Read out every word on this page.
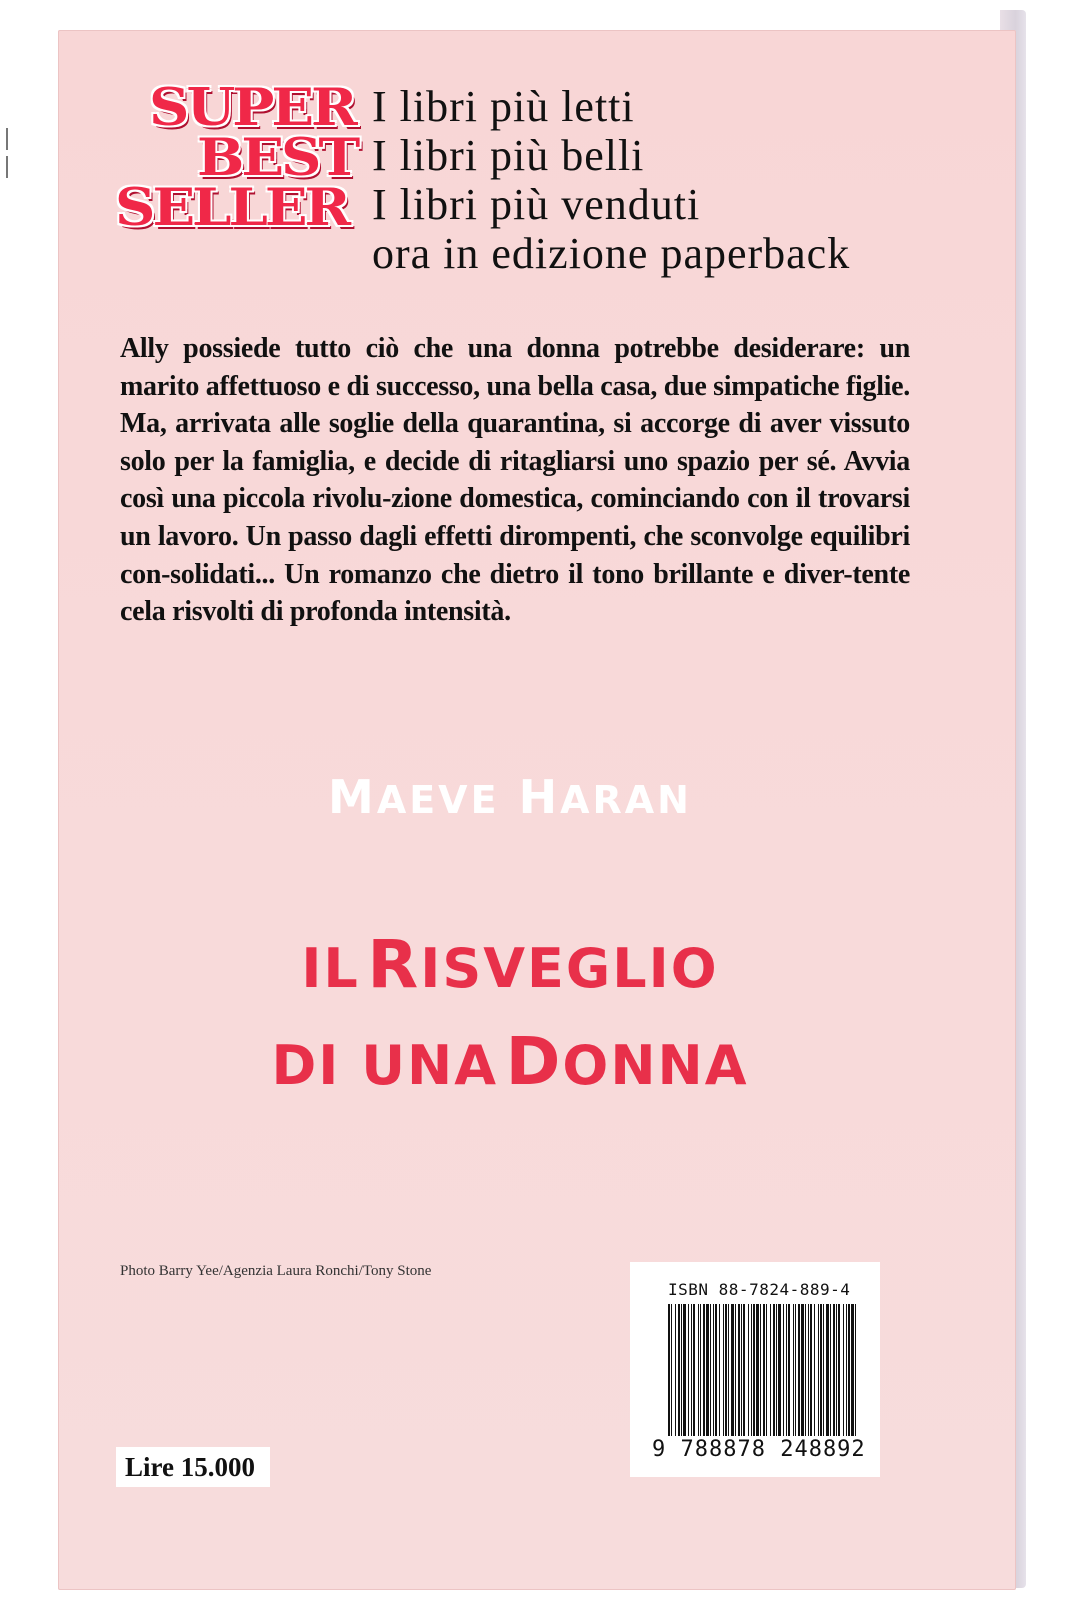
SUPER
BEST
SELLER
I libri più letti
I libri più belli
I libri più venduti
ora in edizione paperback
Ally possiede tutto ciò che una donna potrebbe desiderare: un marito affettuoso e di successo, una bella casa, due simpatiche figlie. Ma, arrivata alle soglie della quarantina, si accorge di aver vissuto solo per la famiglia, e decide di ritagliarsi uno spazio per sé. Avvia così una piccola rivolu-zione domestica, cominciando con il trovarsi un lavoro. Un passo dagli effetti dirompenti, che sconvolge equilibri con-solidati... Un romanzo che dietro il tono brillante e diver-tente cela risvolti di profonda intensità.
MAEVE HARAN
IL RISVEGLIO
DI UNA DONNA
Photo Barry Yee/Agenzia Laura Ronchi/Tony Stone
ISBN 88-7824-889-4
9 788878 248892
Lire 15.000
